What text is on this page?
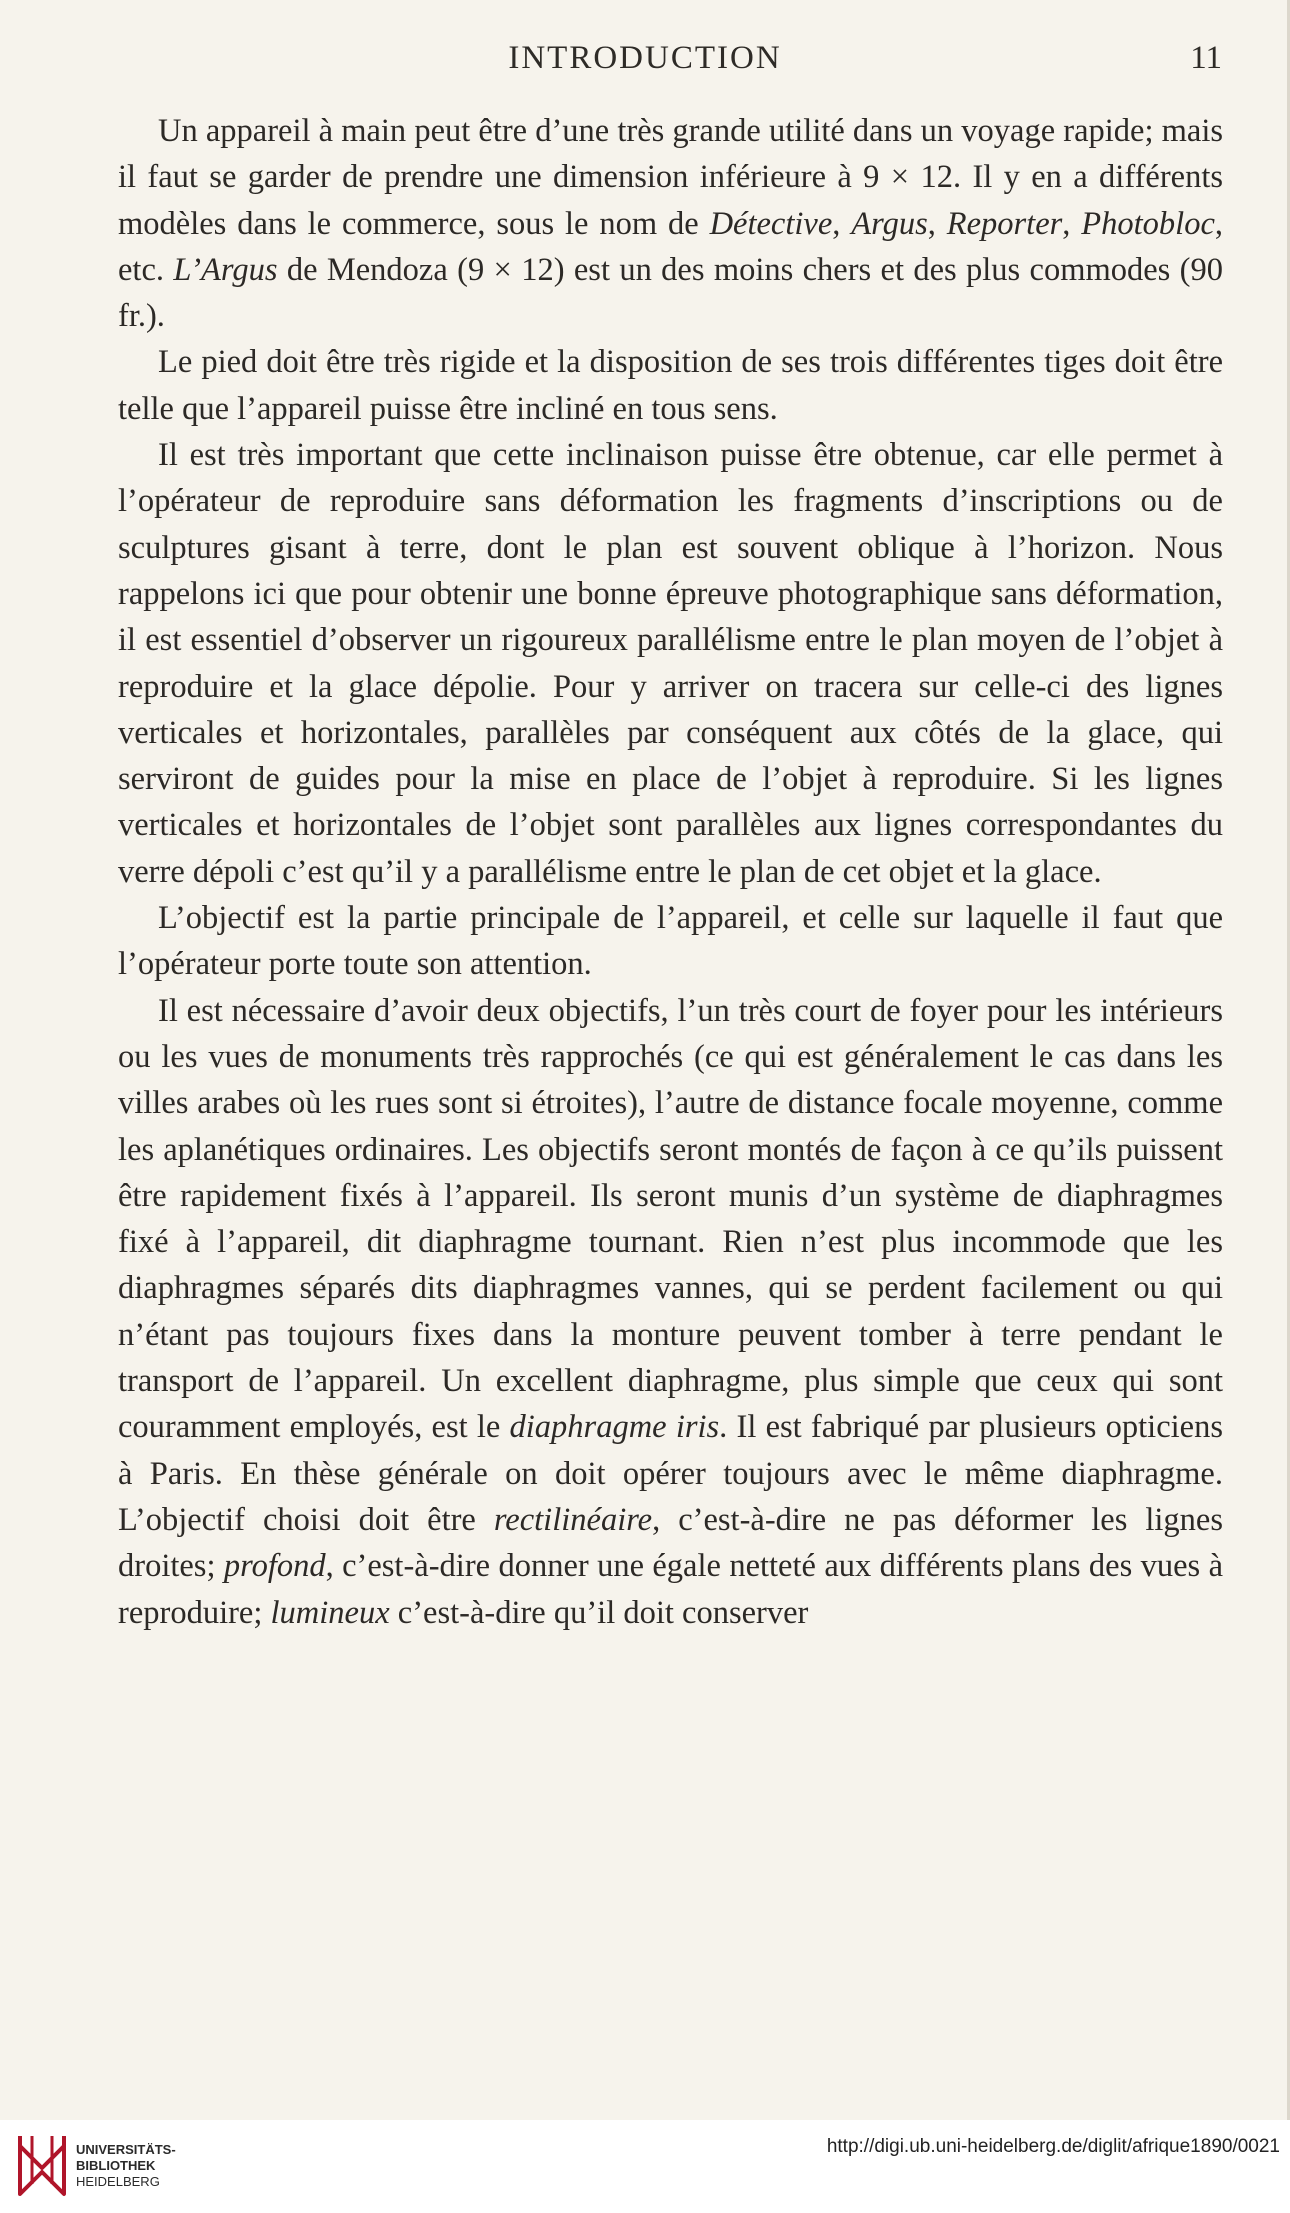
INTRODUCTION	11

Un appareil à main peut être d’une très grande utilité dans un voyage rapide; mais il faut se garder de prendre une dimension inférieure à 9 × 12. Il y en a différents modèles dans le commerce, sous le nom de Détective, Argus, Reporter, Photobloc, etc. L’Argus de Mendoza (9 × 12) est un des moins chers et des plus commodes (90 fr.).

Le pied doit être très rigide et la disposition de ses trois différentes tiges doit être telle que l’appareil puisse être incliné en tous sens.

Il est très important que cette inclinaison puisse être obtenue, car elle permet à l’opérateur de reproduire sans déformation les fragments d’inscriptions ou de sculptures gisant à terre, dont le plan est souvent oblique à l’horizon. Nous rappelons ici que pour obtenir une bonne épreuve photographique sans déformation, il est essentiel d’observer un rigoureux parallélisme entre le plan moyen de l’objet à reproduire et la glace dépolie. Pour y arriver on tracera sur celle-ci des lignes verticales et horizontales, parallèles par conséquent aux côtés de la glace, qui serviront de guides pour la mise en place de l’objet à reproduire. Si les lignes verticales et horizontales de l’objet sont parallèles aux lignes correspondantes du verre dépoli c’est qu’il y a parallélisme entre le plan de cet objet et la glace.

L’objectif est la partie principale de l’appareil, et celle sur laquelle il faut que l’opérateur porte toute son attention.

Il est nécessaire d’avoir deux objectifs, l’un très court de foyer pour les intérieurs ou les vues de monuments très rapprochés (ce qui est généralement le cas dans les villes arabes où les rues sont si étroites), l’autre de distance focale moyenne, comme les aplanétiques ordinaires. Les objectifs seront montés de façon à ce qu’ils puissent être rapidement fixés à l’appareil. Ils seront munis d’un système de diaphragmes fixé à l’appareil, dit diaphragme tournant. Rien n’est plus incommode que les diaphragmes séparés dits diaphragmes vannes, qui se perdent facilement ou qui n’étant pas toujours fixes dans la monture peuvent tomber à terre pendant le transport de l’appareil. Un excellent diaphragme, plus simple que ceux qui sont couramment employés, est le diaphragme iris. Il est fabriqué par plusieurs opticiens à Paris. En thèse générale on doit opérer toujours avec le même diaphragme. L’objectif choisi doit être rectilinéaire, c’est-à-dire ne pas déformer les lignes droites; profond, c’est-à-dire donner une égale netteté aux différents plans des vues à reproduire; lumineux c’est-à-dire qu’il doit conserver

UNIVERSITÄTS-
BIBLIOTHEK
HEIDELBERG
http://digi.ub.uni-heidelberg.de/diglit/afrique1890/0021
